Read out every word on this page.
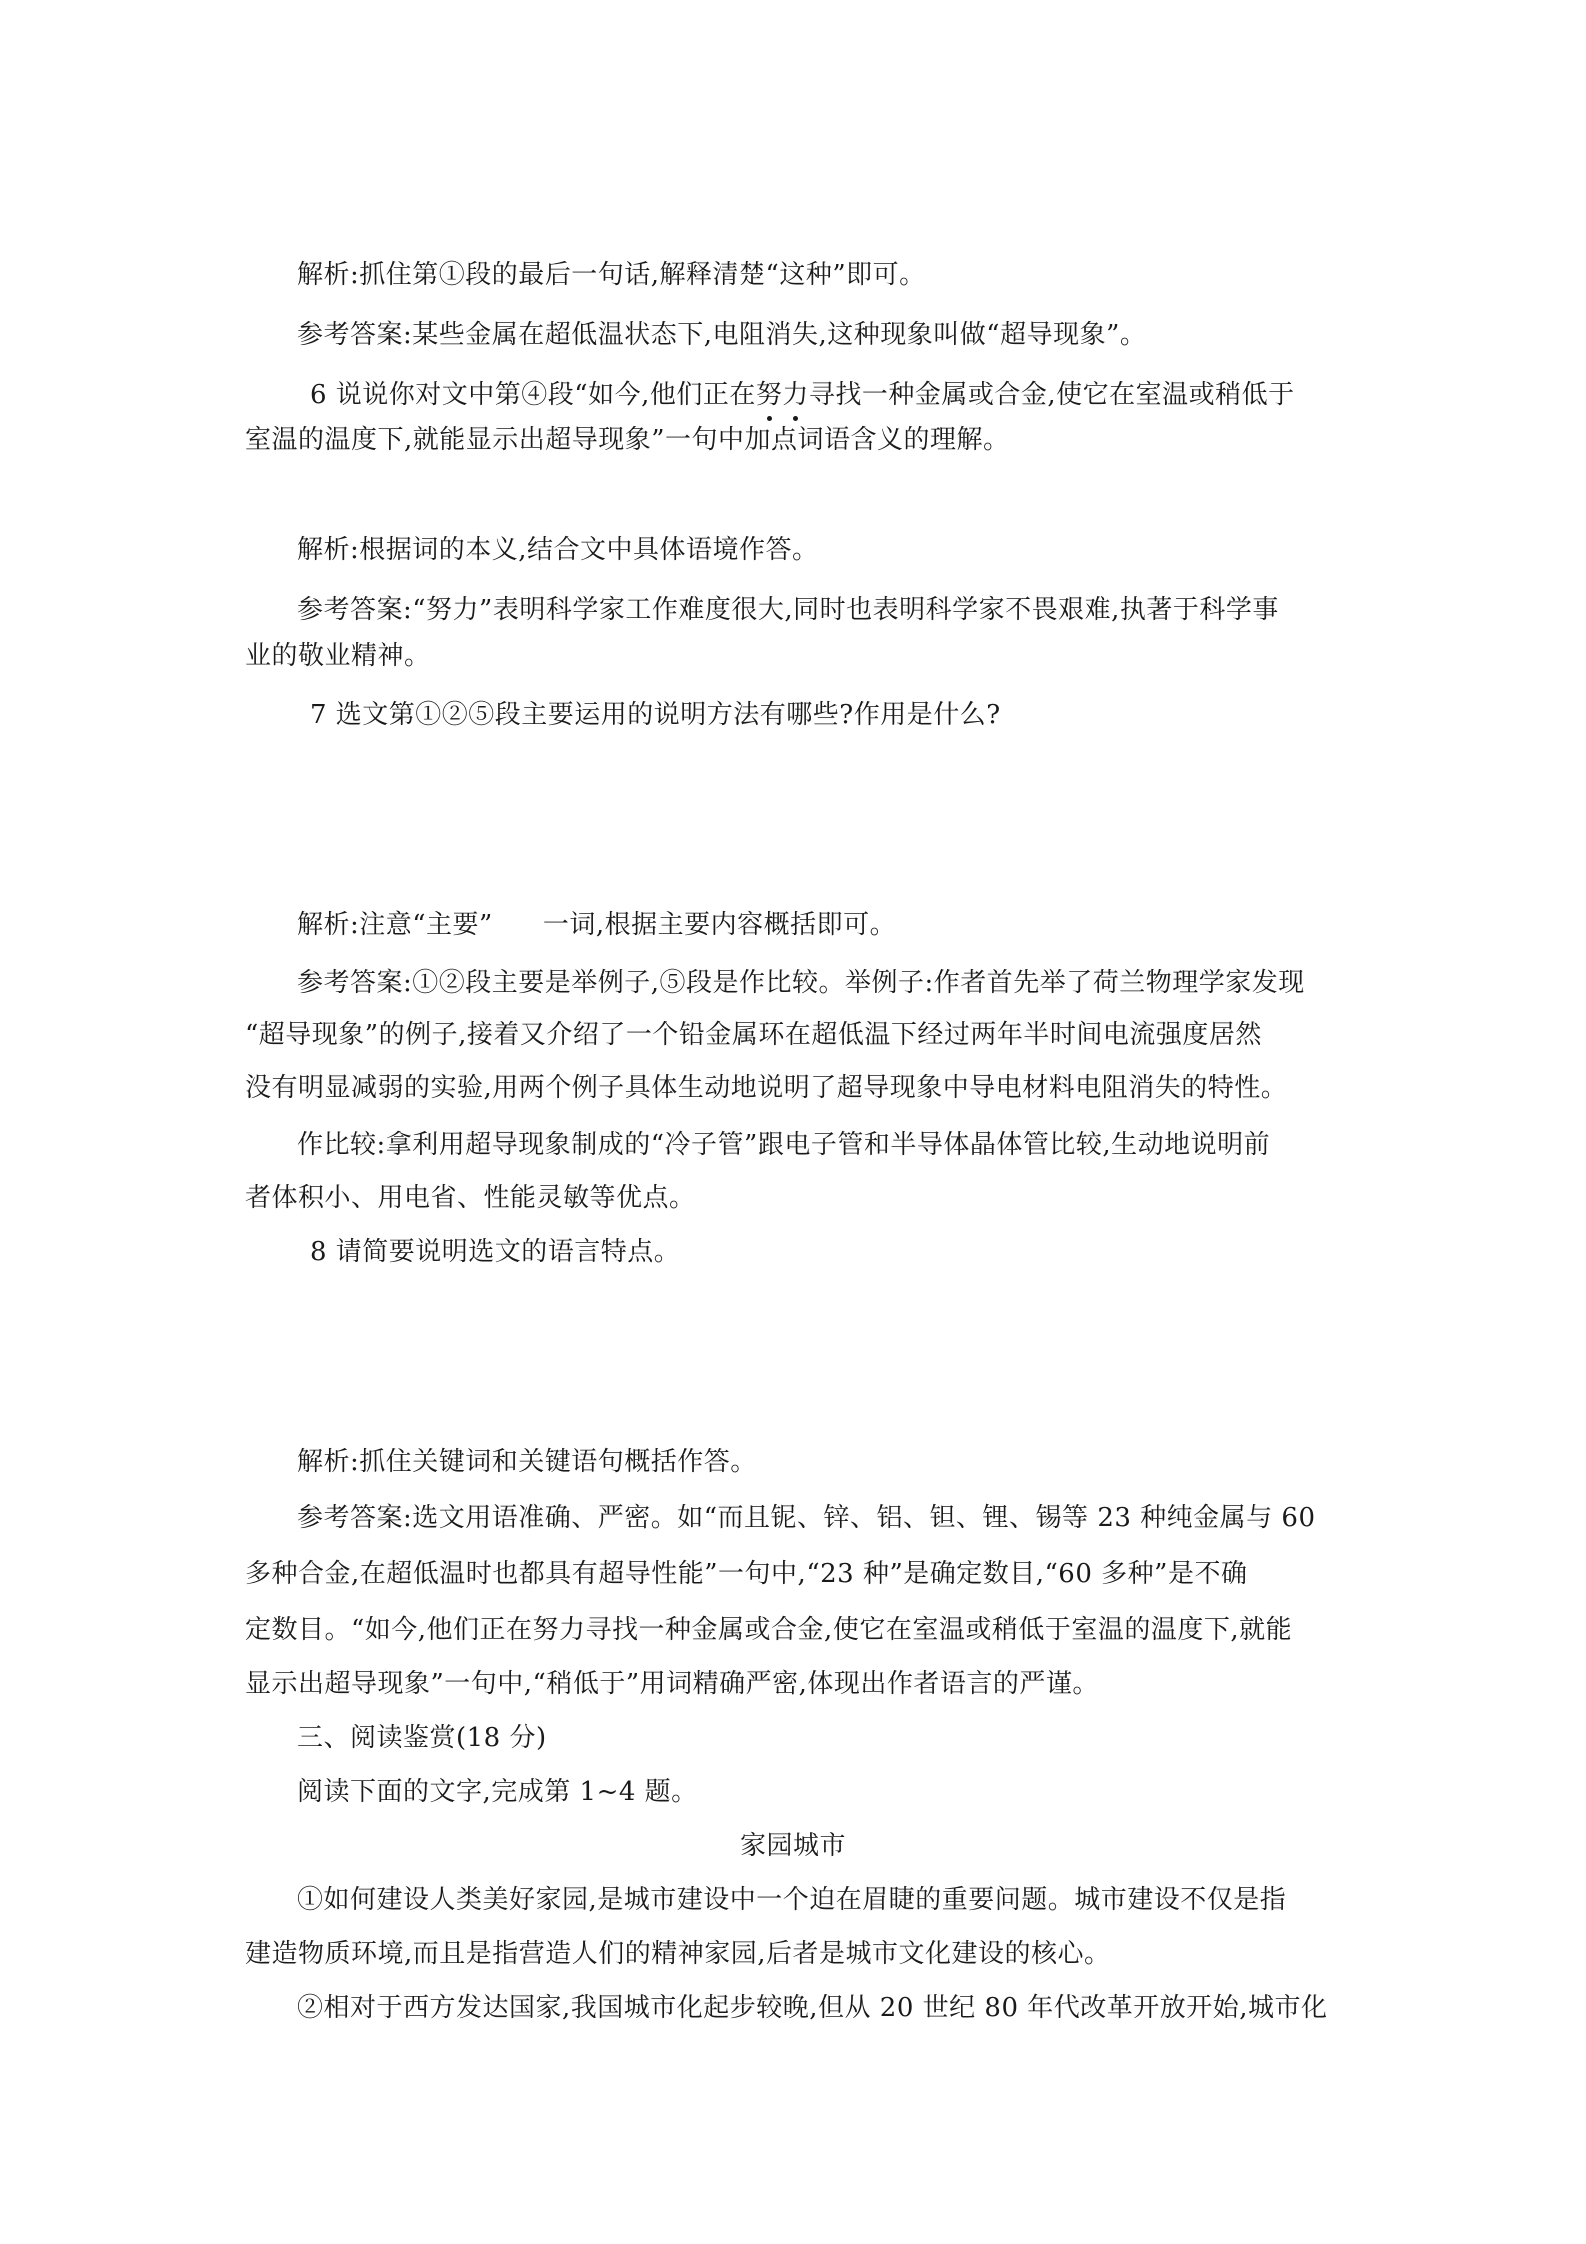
解析:抓住第①段的最后一句话,解释清楚“这种”即可。
参考答案:某些金属在超低温状态下,电阻消失,这种现象叫做“超导现象”。
6 说说你对文中第④段“如今,他们正在努力寻找一种金属或合金,使它在室温或稍低于
室温的温度下,就能显示出超导现象”一句中加点词语含义的理解。
解析:根据词的本义,结合文中具体语境作答。
参考答案:“努力”表明科学家工作难度很大,同时也表明科学家不畏艰难,执著于科学事
业的敬业精神。
7 选文第①②⑤段主要运用的说明方法有哪些?作用是什么?
解析:注意“主要” 一词,根据主要内容概括即可。
参考答案:①②段主要是举例子,⑤段是作比较。举例子:作者首先举了荷兰物理学家发现
“超导现象”的例子,接着又介绍了一个铅金属环在超低温下经过两年半时间电流强度居然
没有明显减弱的实验,用两个例子具体生动地说明了超导现象中导电材料电阻消失的特性。
作比较:拿利用超导现象制成的“冷子管”跟电子管和半导体晶体管比较,生动地说明前
者体积小、用电省、性能灵敏等优点。
8 请简要说明选文的语言特点。
解析:抓住关键词和关键语句概括作答。
参考答案:选文用语准确、严密。如“而且铌、锌、铝、钽、锂、锡等 23 种纯金属与 60
多种合金,在超低温时也都具有超导性能”一句中,“23 种”是确定数目,“60 多种”是不确
定数目。“如今,他们正在努力寻找一种金属或合金,使它在室温或稍低于室温的温度下,就能
显示出超导现象”一句中,“稍低于”用词精确严密,体现出作者语言的严谨。
三、阅读鉴赏(18 分)
阅读下面的文字,完成第 1~4 题。
家园城市
①如何建设人类美好家园,是城市建设中一个迫在眉睫的重要问题。城市建设不仅是指
建造物质环境,而且是指营造人们的精神家园,后者是城市文化建设的核心。
②相对于西方发达国家,我国城市化起步较晚,但从 20 世纪 80 年代改革开放开始,城市化
